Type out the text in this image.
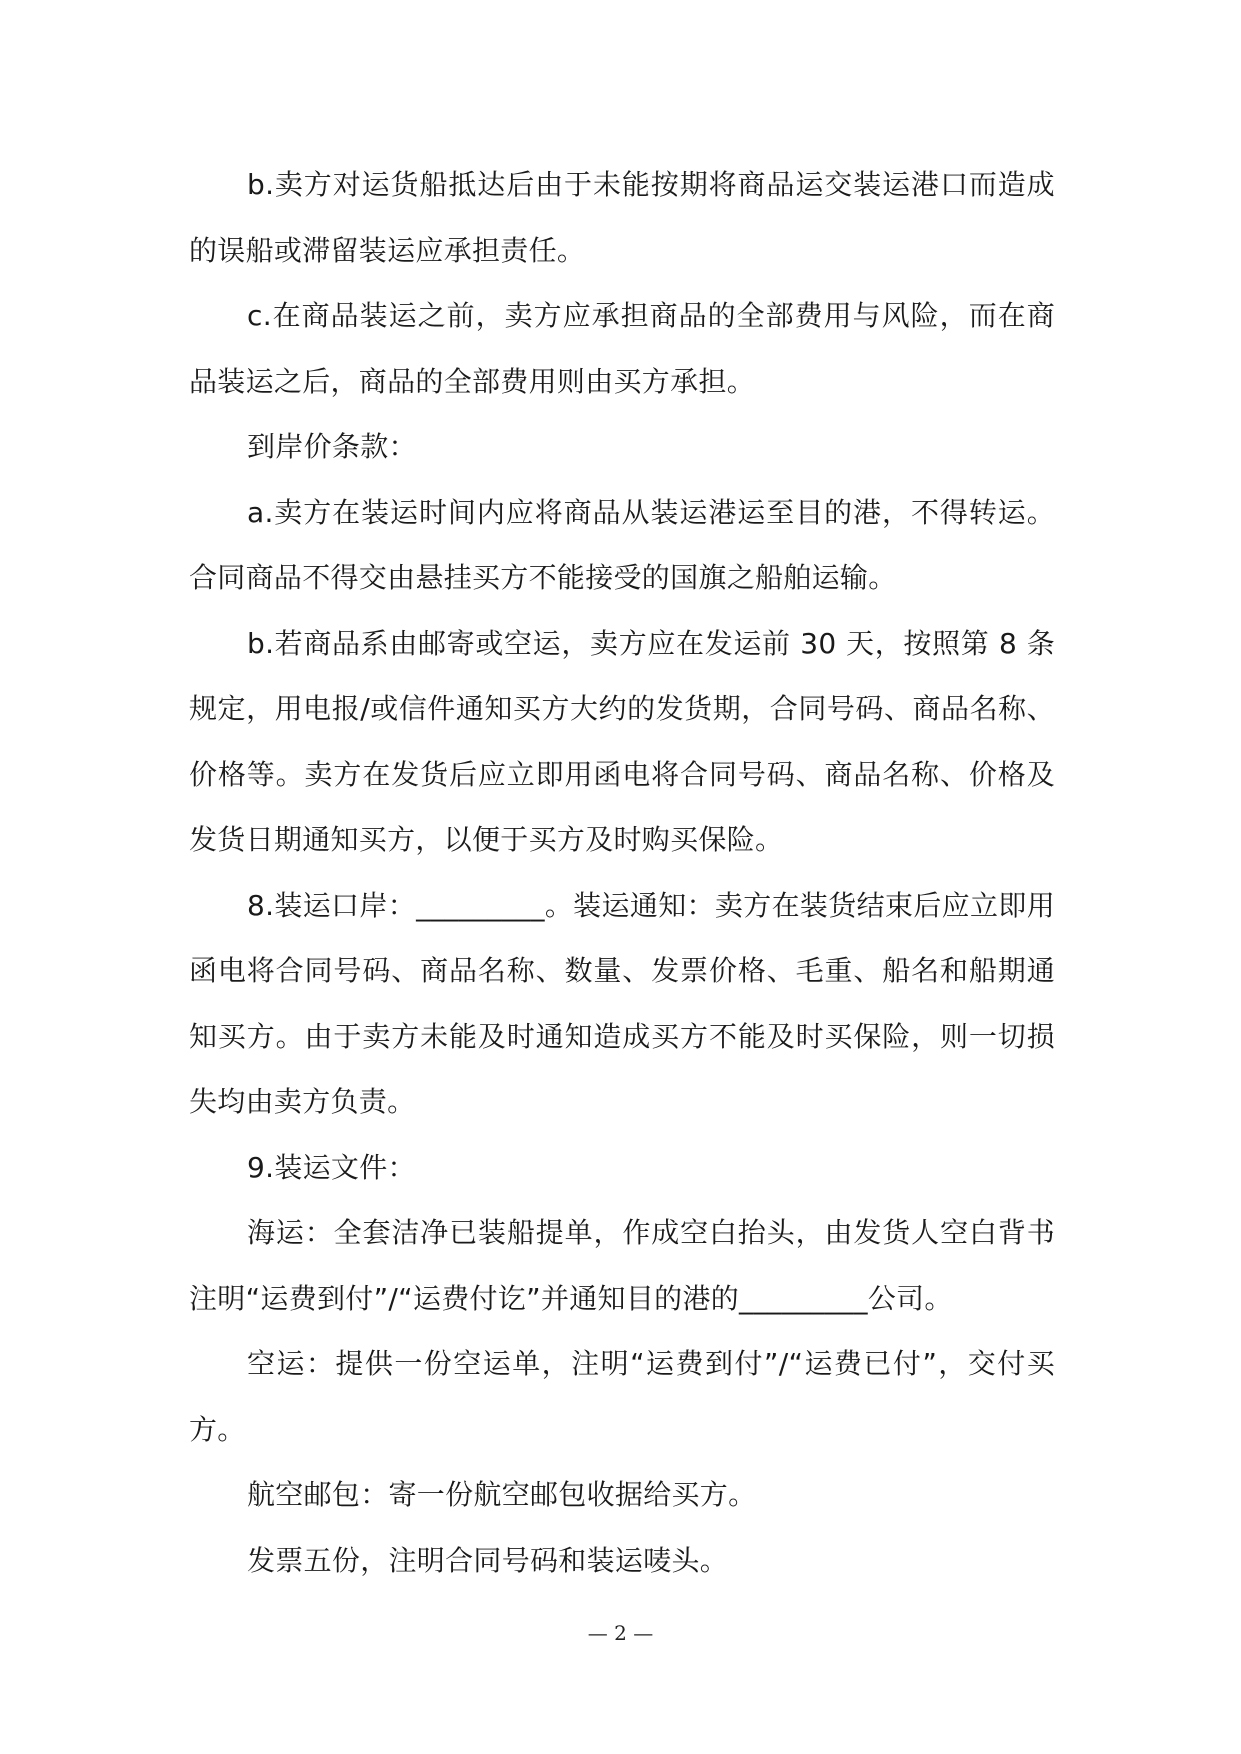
b.卖方对运货船抵达后由于未能按期将商品运交装运港口而造成的误船或滞留装运应承担责任。

c.在商品装运之前，卖方应承担商品的全部费用与风险，而在商品装运之后，商品的全部费用则由买方承担。

到岸价条款：

a.卖方在装运时间内应将商品从装运港运至目的港，不得转运。合同商品不得交由悬挂买方不能接受的国旗之船舶运输。

b.若商品系由邮寄或空运，卖方应在发运前 30 天，按照第 8 条规定，用电报/或信件通知买方大约的发货期，合同号码、商品名称、价格等。卖方在发货后应立即用函电将合同号码、商品名称、价格及发货日期通知买方，以便于买方及时购买保险。

8.装运口岸：_________。装运通知：卖方在装货结束后应立即用函电将合同号码、商品名称、数量、发票价格、毛重、船名和船期通知买方。由于卖方未能及时通知造成买方不能及时买保险，则一切损失均由卖方负责。

9.装运文件：

海运：全套洁净已装船提单，作成空白抬头，由发货人空白背书注明“运费到付”/“运费付讫”并通知目的港的_________公司。

空运：提供一份空运单，注明“运费到付”/“运费已付”，交付买方。

航空邮包：寄一份航空邮包收据给买方。

发票五份，注明合同号码和装运唛头。

— 2 —
